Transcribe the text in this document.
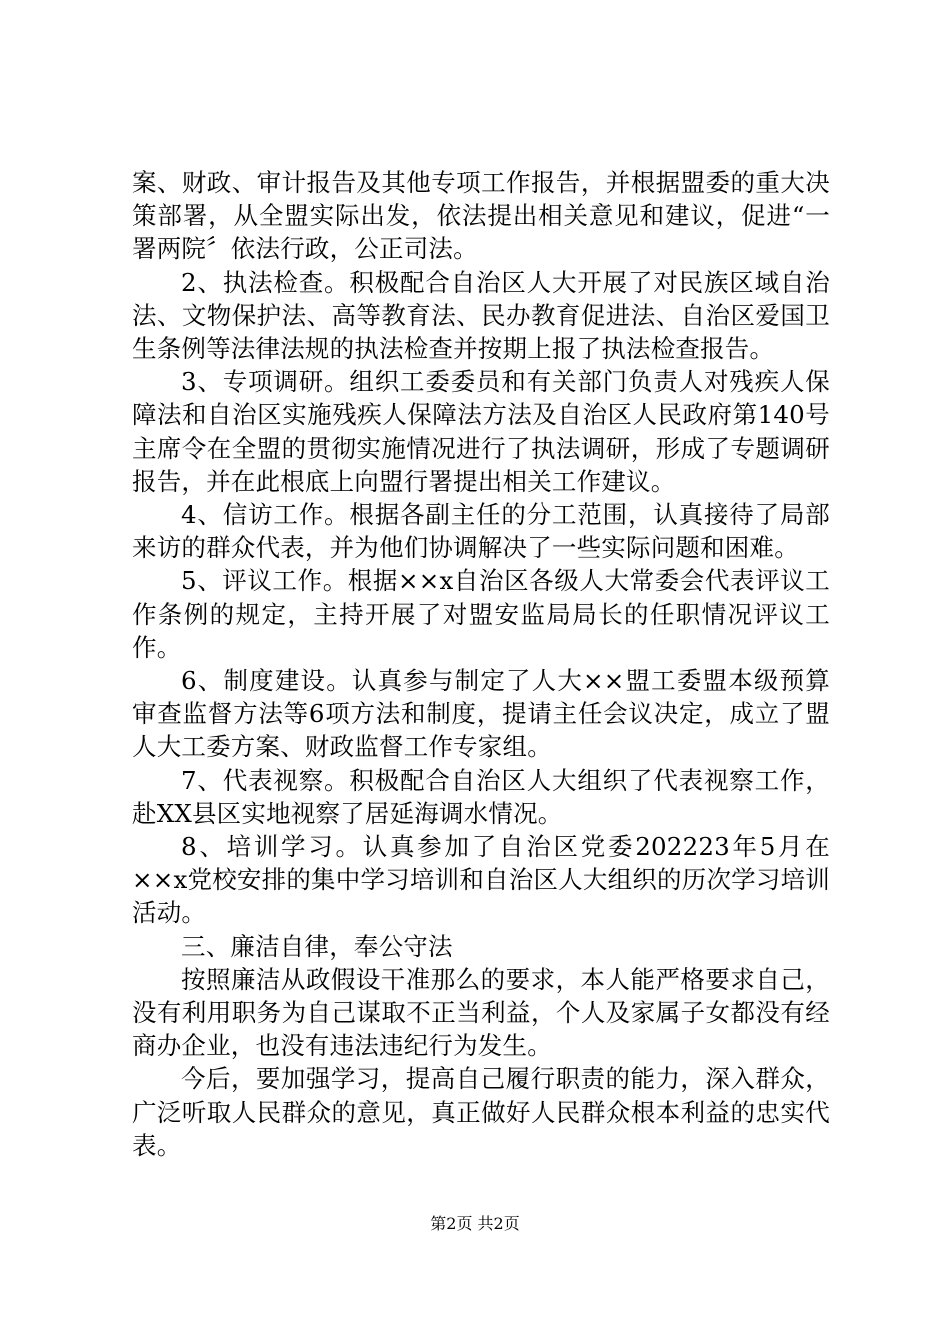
案、财政、审计报告及其他专项工作报告，并根据盟委的重大决策部署，从全盟实际出发，依法提出相关意见和建议，促进“一署两院〞依法行政，公正司法。

2、执法检查。积极配合自治区人大开展了对民族区域自治法、文物保护法、高等教育法、民办教育促进法、自治区爱国卫生条例等法律法规的执法检查并按期上报了执法检查报告。

3、专项调研。组织工委委员和有关部门负责人对残疾人保障法和自治区实施残疾人保障法方法及自治区人民政府第140号主席令在全盟的贯彻实施情况进行了执法调研，形成了专题调研报告，并在此根底上向盟行署提出相关工作建议。

4、信访工作。根据各副主任的分工范围，认真接待了局部来访的群众代表，并为他们协调解决了一些实际问题和困难。

5、评议工作。根据××x自治区各级人大常委会代表评议工作条例的规定，主持开展了对盟安监局局长的任职情况评议工作。

6、制度建设。认真参与制定了人大××盟工委盟本级预算审查监督方法等6项方法和制度，提请主任会议决定，成立了盟人大工委方案、财政监督工作专家组。

7、代表视察。积极配合自治区人大组织了代表视察工作，赴XX县区实地视察了居延海调水情况。

8、培训学习。认真参加了自治区党委202223年5月在××x党校安排的集中学习培训和自治区人大组织的历次学习培训活动。

三、廉洁自律，奉公守法

按照廉洁从政假设干准那么的要求，本人能严格要求自己，没有利用职务为自己谋取不正当利益，个人及家属子女都没有经商办企业，也没有违法违纪行为发生。

今后，要加强学习，提高自己履行职责的能力，深入群众，广泛听取人民群众的意见，真正做好人民群众根本利益的忠实代表。

第2页 共2页
